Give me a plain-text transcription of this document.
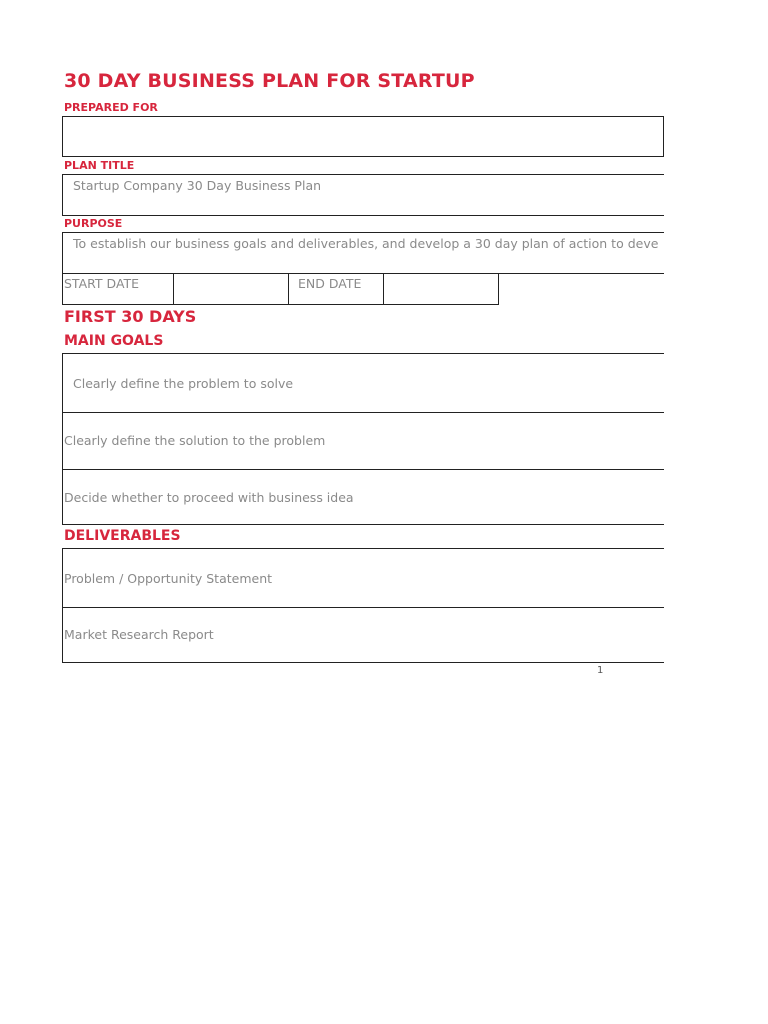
30 DAY BUSINESS PLAN FOR STARTUP
PREPARED FOR
PLAN TITLE
Startup Company 30 Day Business Plan
PURPOSE
To establish our business goals and deliverables, and develop a 30 day plan of action to deve
START DATE	END DATE
FIRST 30 DAYS
MAIN GOALS
Clearly define the problem to solve
Clearly define the solution to the problem
Decide whether to proceed with business idea
DELIVERABLES
Problem / Opportunity Statement
Market Research Report
1
